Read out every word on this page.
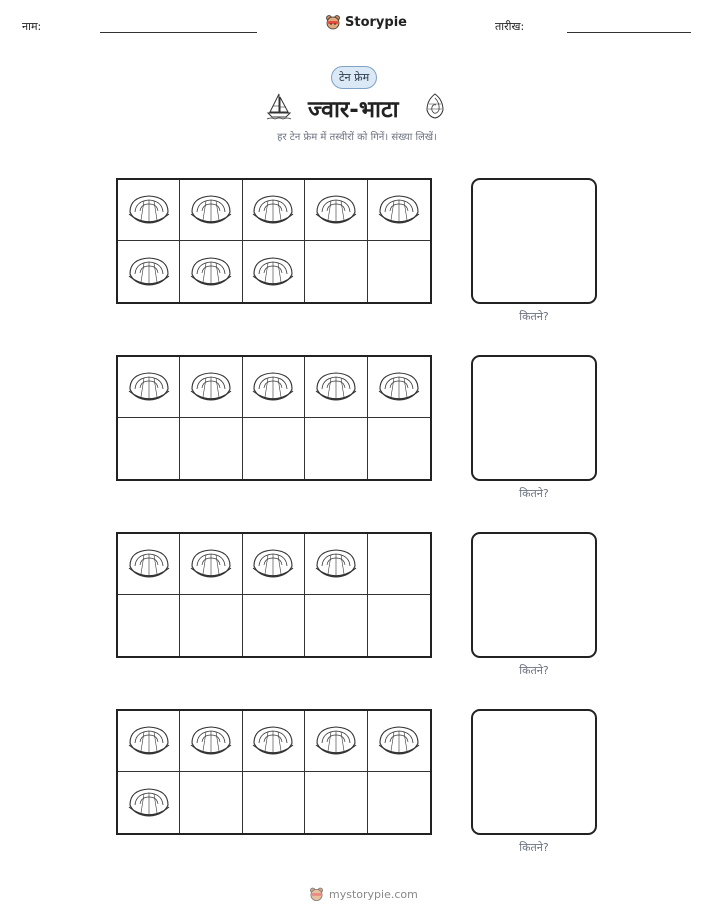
नाम:	Storypie	तारीख:
टेन फ्रेम
ज्वार-भाटा
हर टेन फ्रेम में तस्वीरों को गिनें। संख्या लिखें।
कितने?
कितने?
कितने?
कितने?
mystorypie.com
